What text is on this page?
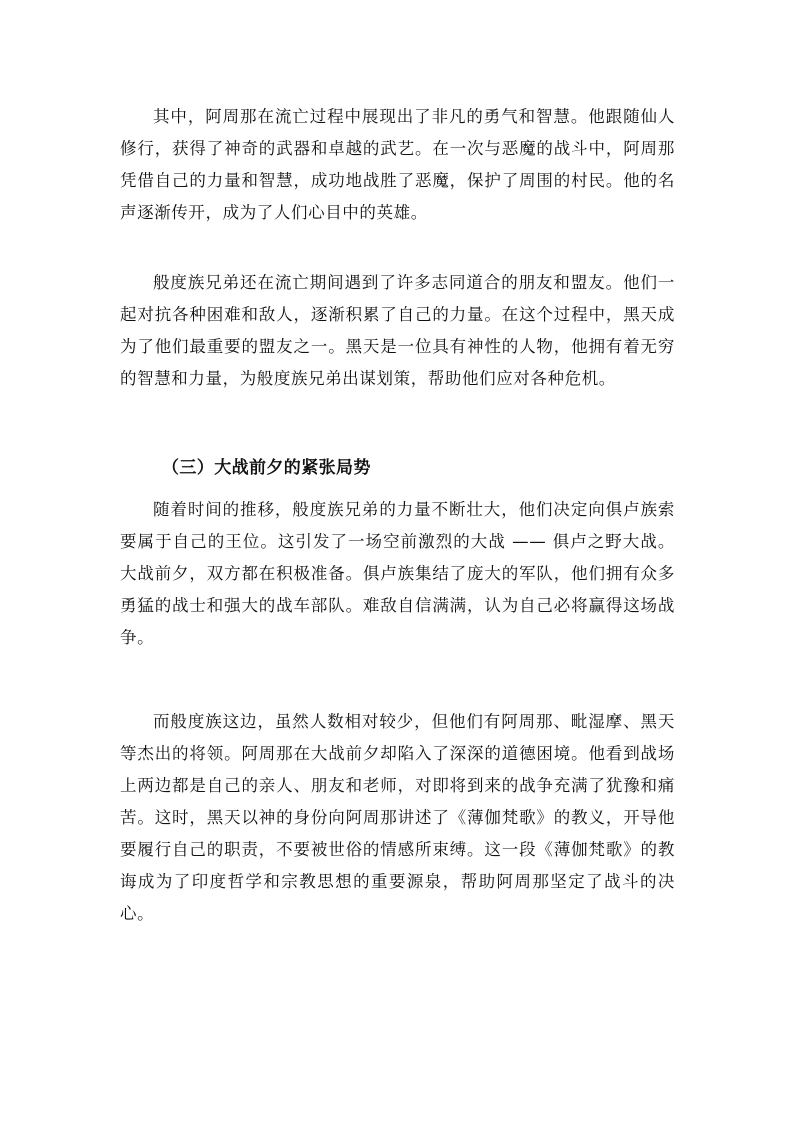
其中，阿周那在流亡过程中展现出了非凡的勇气和智慧。他跟随仙人修行，获得了神奇的武器和卓越的武艺。在一次与恶魔的战斗中，阿周那凭借自己的力量和智慧，成功地战胜了恶魔，保护了周围的村民。他的名声逐渐传开，成为了人们心目中的英雄。

般度族兄弟还在流亡期间遇到了许多志同道合的朋友和盟友。他们一起对抗各种困难和敌人，逐渐积累了自己的力量。在这个过程中，黑天成为了他们最重要的盟友之一。黑天是一位具有神性的人物，他拥有着无穷的智慧和力量，为般度族兄弟出谋划策，帮助他们应对各种危机。

（三）大战前夕的紧张局势

随着时间的推移，般度族兄弟的力量不断壮大，他们决定向俱卢族索要属于自己的王位。这引发了一场空前激烈的大战 —— 俱卢之野大战。大战前夕，双方都在积极准备。俱卢族集结了庞大的军队，他们拥有众多勇猛的战士和强大的战车部队。难敌自信满满，认为自己必将赢得这场战争。

而般度族这边，虽然人数相对较少，但他们有阿周那、毗湿摩、黑天等杰出的将领。阿周那在大战前夕却陷入了深深的道德困境。他看到战场上两边都是自己的亲人、朋友和老师，对即将到来的战争充满了犹豫和痛苦。这时，黑天以神的身份向阿周那讲述了《薄伽梵歌》的教义，开导他要履行自己的职责，不要被世俗的情感所束缚。这一段《薄伽梵歌》的教诲成为了印度哲学和宗教思想的重要源泉，帮助阿周那坚定了战斗的决心。
